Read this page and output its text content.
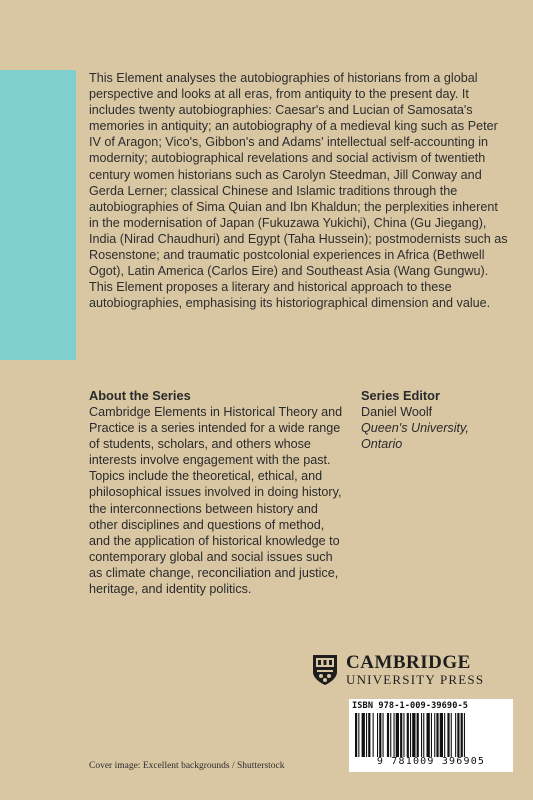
This Element analyses the autobiographies of historians from a global perspective and looks at all eras, from antiquity to the present day. It includes twenty autobiographies: Caesar's and Lucian of Samosata's memories in antiquity; an autobiography of a medieval king such as Peter IV of Aragon; Vico's, Gibbon's and Adams' intellectual self-accounting in modernity; autobiographical revelations and social activism of twentieth century women historians such as Carolyn Steedman, Jill Conway and Gerda Lerner; classical Chinese and Islamic traditions through the autobiographies of Sima Quian and Ibn Khaldun; the perplexities inherent in the modernisation of Japan (Fukuzawa Yukichi), China (Gu Jiegang), India (Nirad Chaudhuri) and Egypt (Taha Hussein); postmodernists such as Rosenstone; and traumatic postcolonial experiences in Africa (Bethwell Ogot), Latin America (Carlos Eire) and Southeast Asia (Wang Gungwu). This Element proposes a literary and historical approach to these autobiographies, emphasising its historiographical dimension and value.

About the Series

Cambridge Elements in Historical Theory and Practice is a series intended for a wide range of students, scholars, and others whose interests involve engagement with the past. Topics include the theoretical, ethical, and philosophical issues involved in doing history, the interconnections between history and other disciplines and questions of method, and the application of historical knowledge to contemporary global and social issues such as climate change, reconciliation and justice, heritage, and identity politics.

Series Editor

Daniel Woolf

Queen's University, Ontario

CAMBRIDGE
UNIVERSITY PRESS
ISBN 978-1-009-39690-5
9 781009 396905
Cover image: Excellent backgrounds / Shutterstock
